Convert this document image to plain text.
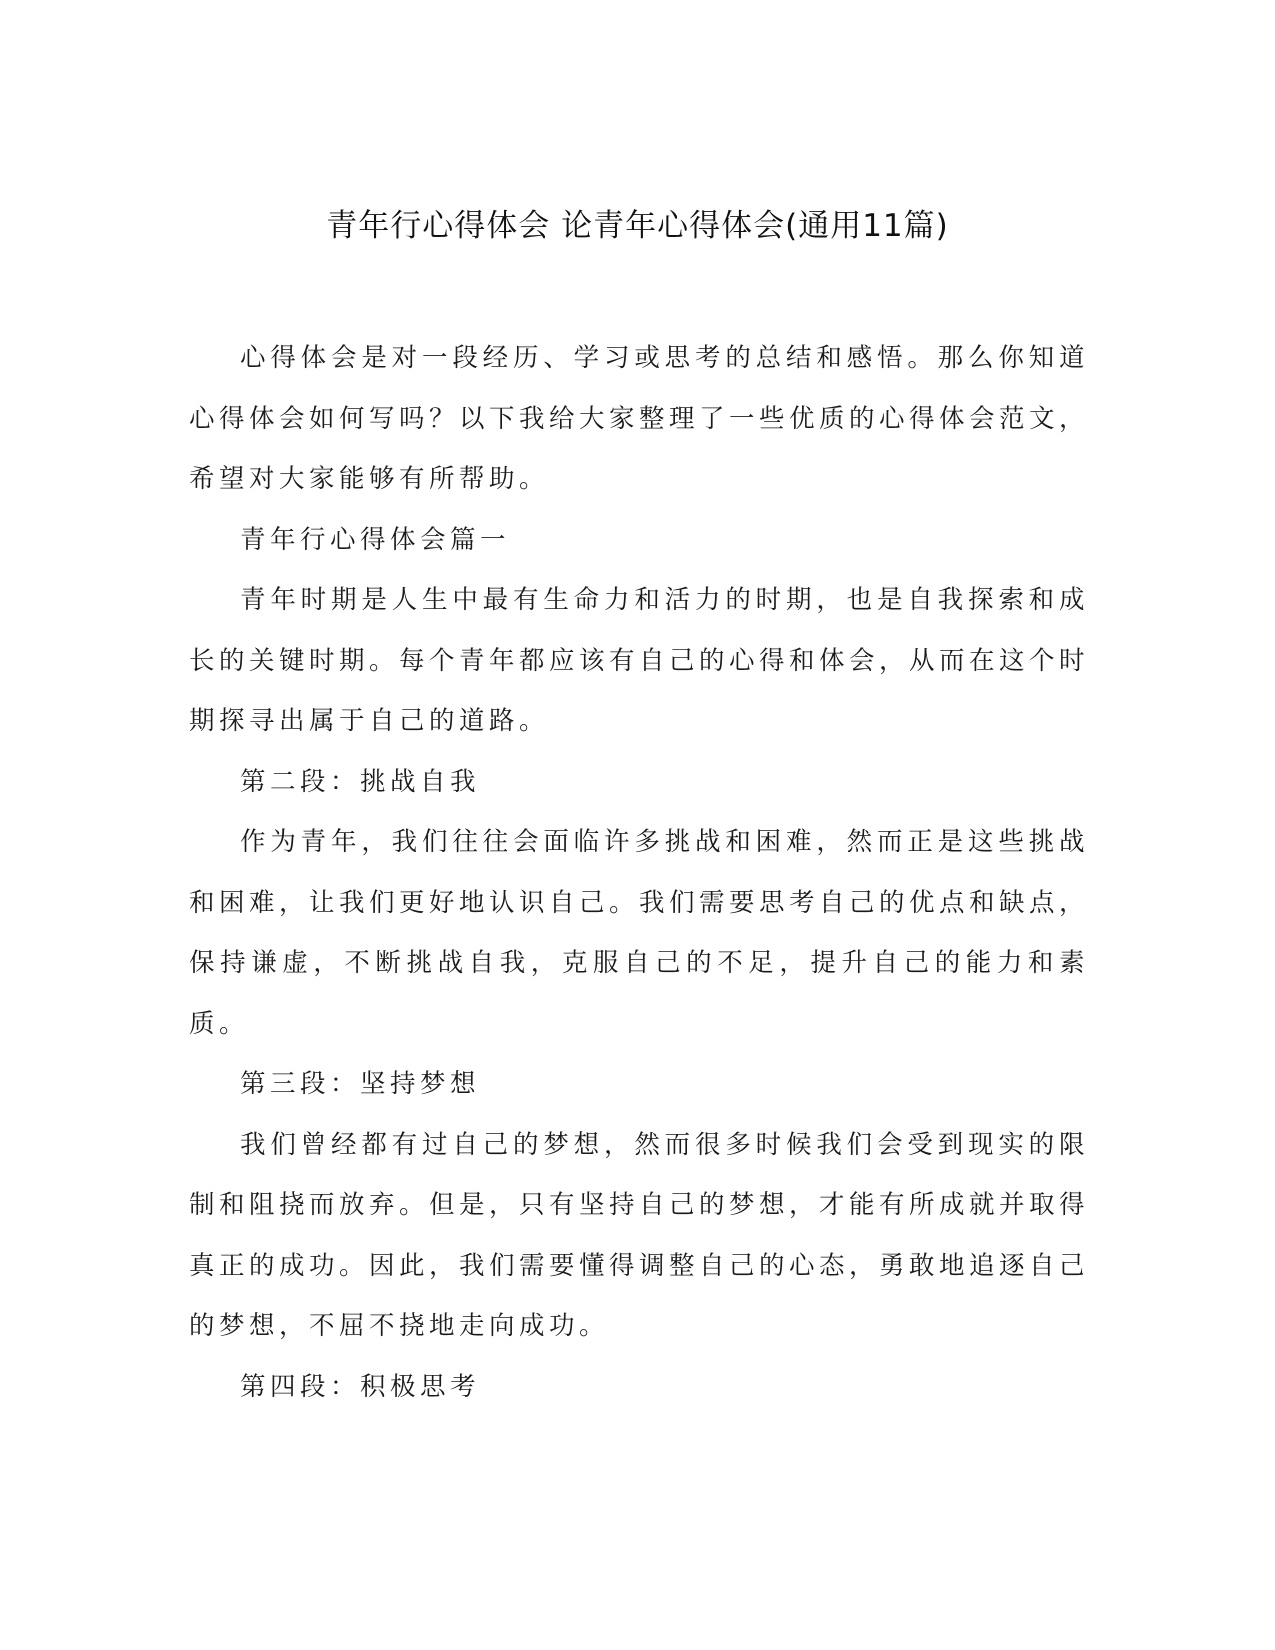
青年行心得体会 论青年心得体会(通用11篇)

心得体会是对一段经历、学习或思考的总结和感悟。那么你知道心得体会如何写吗？以下我给大家整理了一些优质的心得体会范文，希望对大家能够有所帮助。

青年行心得体会篇一

青年时期是人生中最有生命力和活力的时期，也是自我探索和成长的关键时期。每个青年都应该有自己的心得和体会，从而在这个时期探寻出属于自己的道路。

第二段：挑战自我

作为青年，我们往往会面临许多挑战和困难，然而正是这些挑战和困难，让我们更好地认识自己。我们需要思考自己的优点和缺点，保持谦虚，不断挑战自我，克服自己的不足，提升自己的能力和素质。

第三段：坚持梦想

我们曾经都有过自己的梦想，然而很多时候我们会受到现实的限制和阻挠而放弃。但是，只有坚持自己的梦想，才能有所成就并取得真正的成功。因此，我们需要懂得调整自己的心态，勇敢地追逐自己的梦想，不屈不挠地走向成功。

第四段：积极思考
